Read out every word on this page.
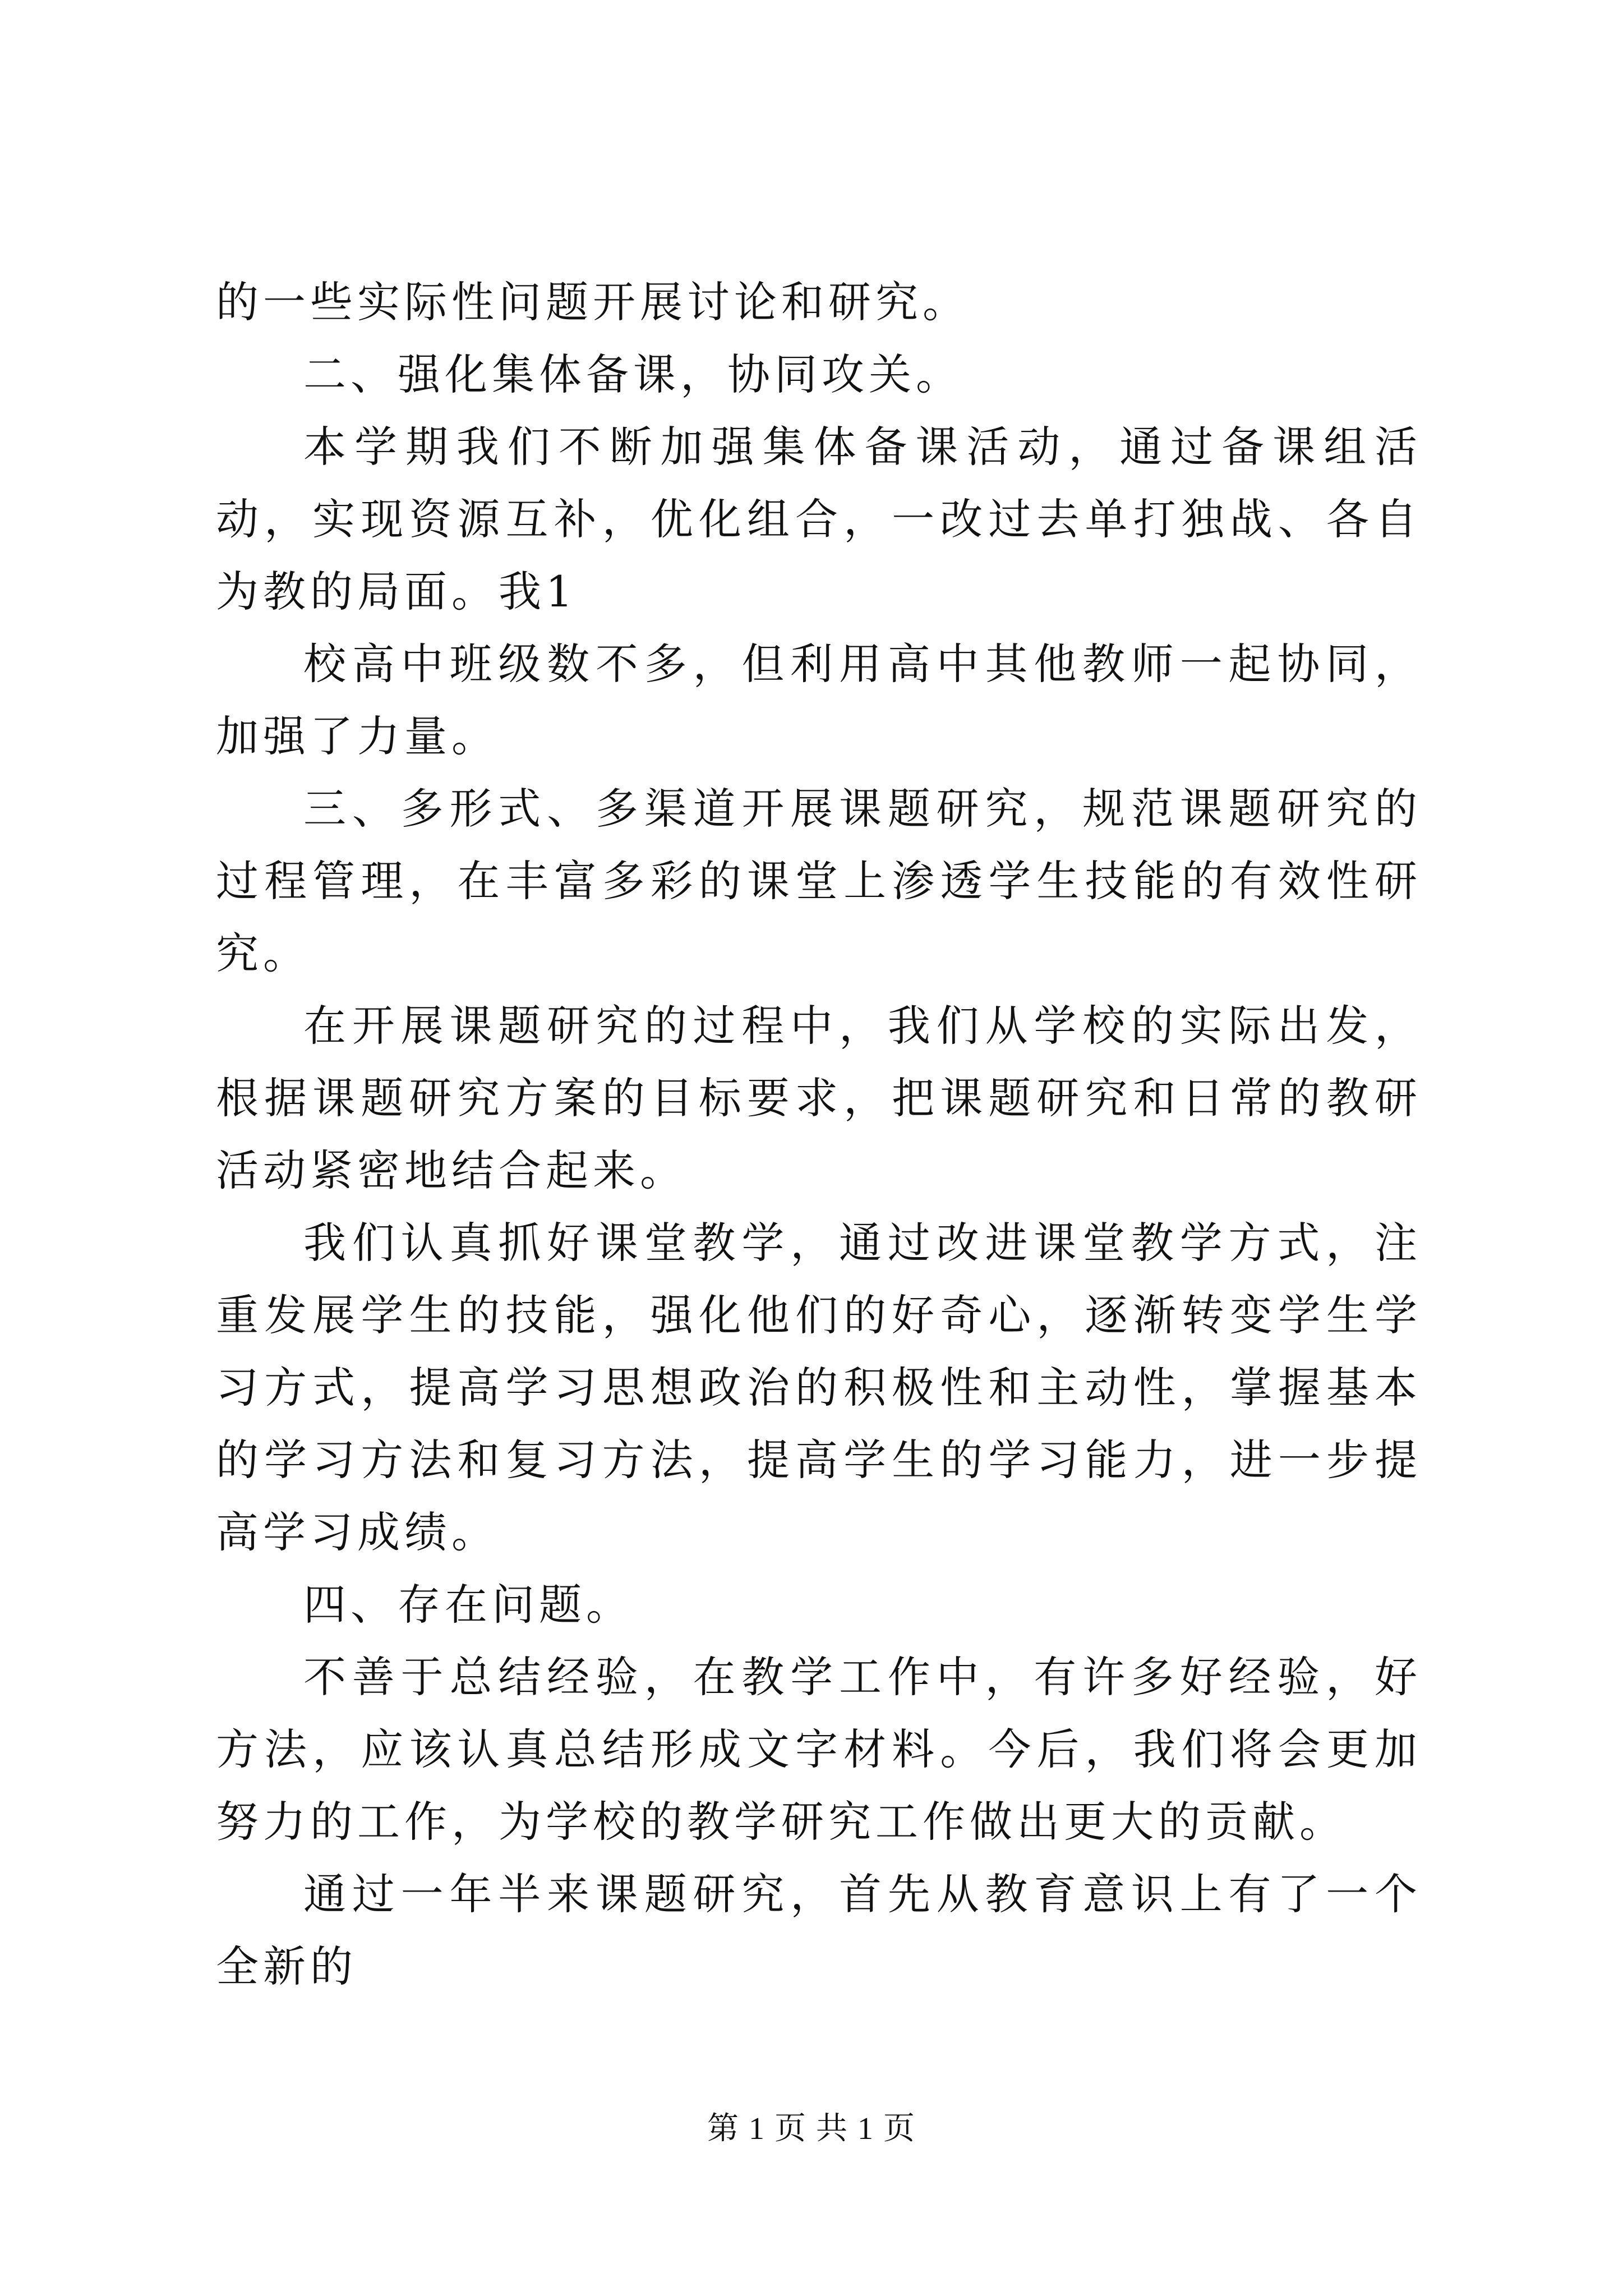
的一些实际性问题开展讨论和研究。

二、强化集体备课，协同攻关。

本学期我们不断加强集体备课活动，通过备课组活动，实现资源互补，优化组合，一改过去单打独战、各自为教的局面。我1

校高中班级数不多，但利用高中其他教师一起协同，加强了力量。

三、多形式、多渠道开展课题研究，规范课题研究的过程管理，在丰富多彩的课堂上渗透学生技能的有效性研究。

在开展课题研究的过程中，我们从学校的实际出发，根据课题研究方案的目标要求，把课题研究和日常的教研活动紧密地结合起来。

我们认真抓好课堂教学，通过改进课堂教学方式，注重发展学生的技能，强化他们的好奇心，逐渐转变学生学习方式，提高学习思想政治的积极性和主动性，掌握基本的学习方法和复习方法，提高学生的学习能力，进一步提高学习成绩。

四、存在问题。

不善于总结经验，在教学工作中，有许多好经验，好方法，应该认真总结形成文字材料。今后，我们将会更加努力的工作，为学校的教学研究工作做出更大的贡献。

通过一年半来课题研究，首先从教育意识上有了一个全新的

第 1 页 共 1 页
